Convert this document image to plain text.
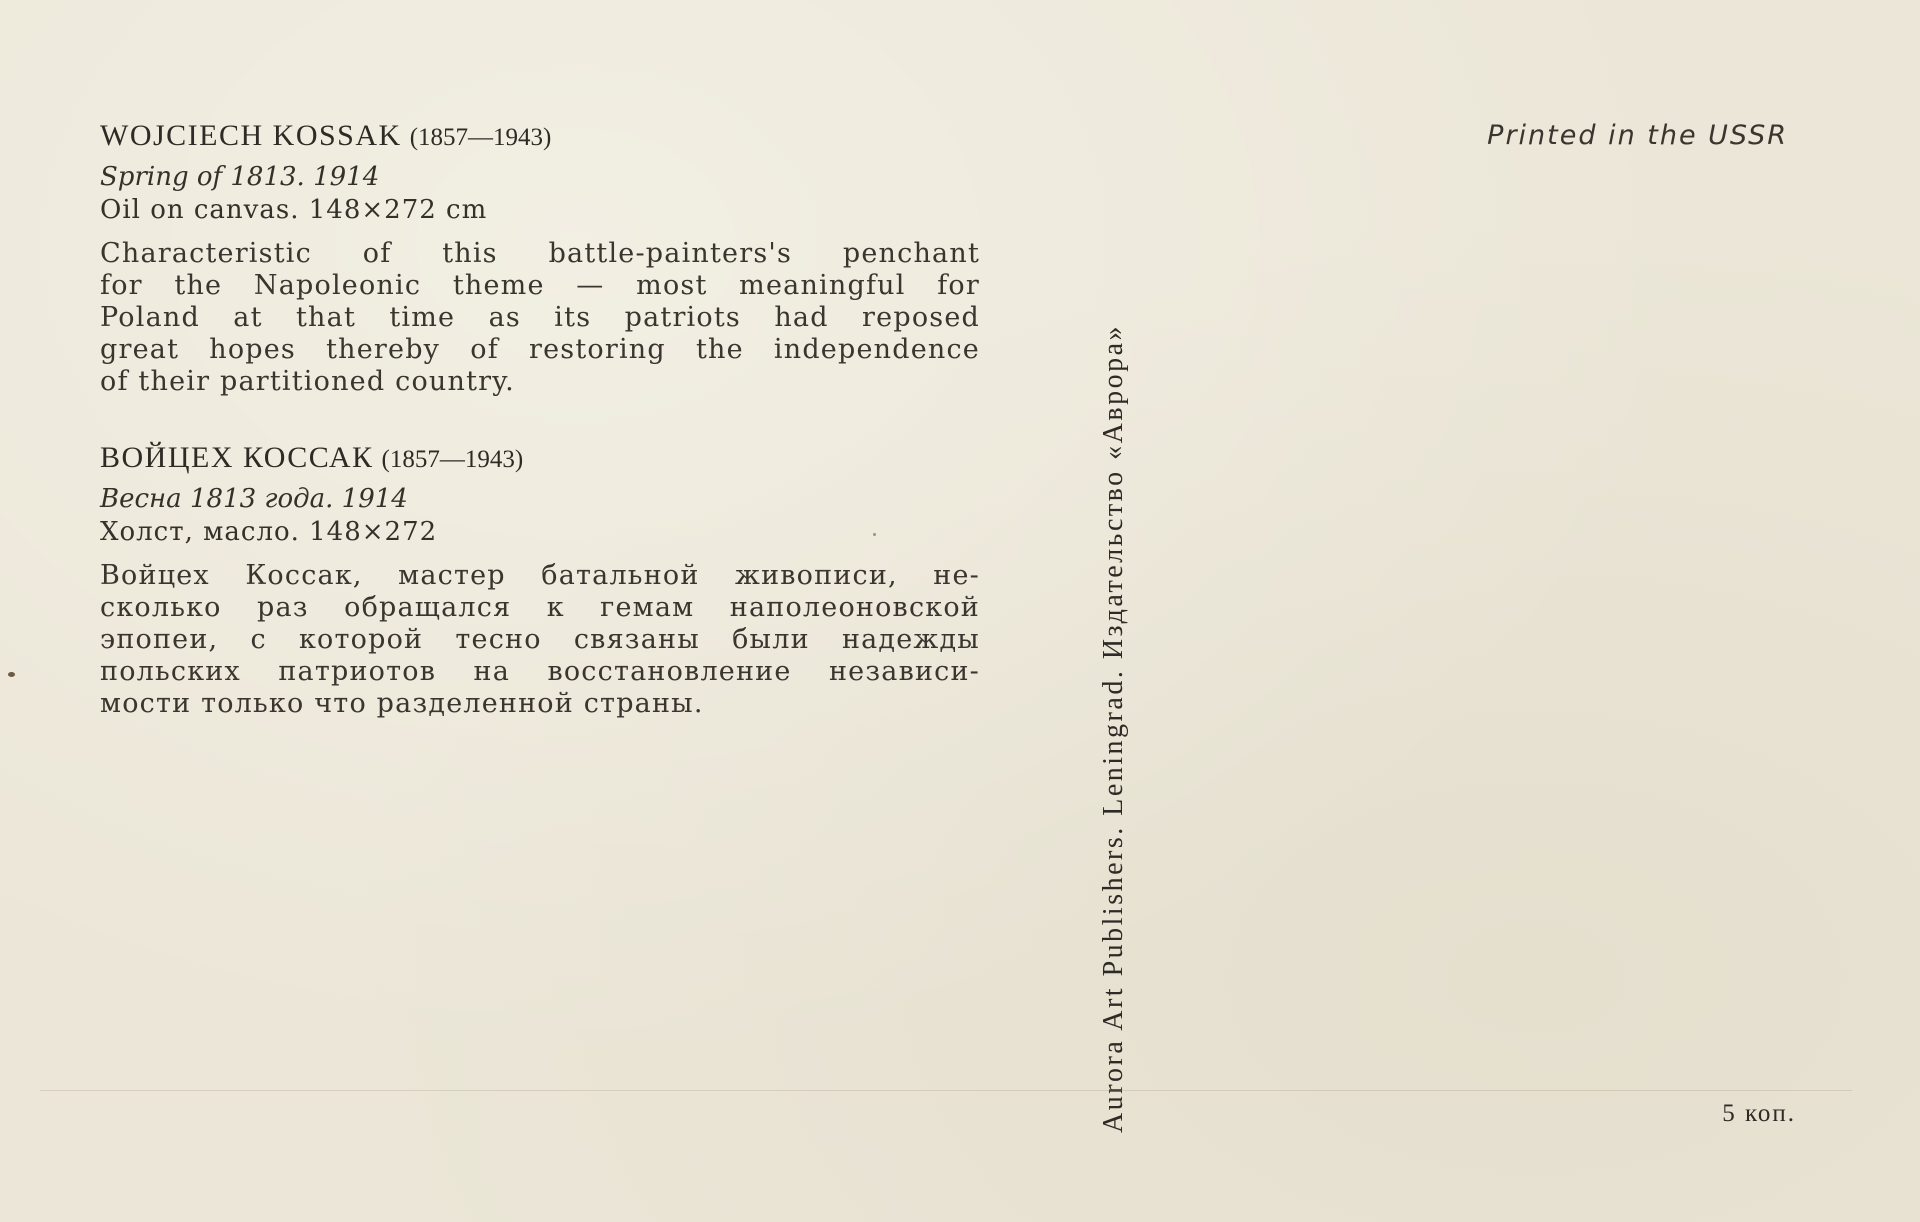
WOJCIECH KOSSAK (1857—1943)
Spring of 1813. 1914
Oil on canvas. 148×272 cm
Characteristic of this battle-painters's penchant
for the Napoleonic theme — most meaningful for
Poland at that time as its patriots had reposed
great hopes thereby of restoring the independence
of their partitioned country.
ВОЙЦЕХ КОССАК (1857—1943)
Весна 1813 года. 1914
Холст, масло. 148×272
Войцех Коссак, мастер батальной живописи, не-
сколько раз обращался к гемам наполеоновской
эпопеи, с которой тесно связаны были надежды
польских патриотов на восстановление независи-
мости только что разделенной страны.	Aurora Art Publishers. Leningrad. Издательство «Аврора»
Printed in the USSR
5 коп.
